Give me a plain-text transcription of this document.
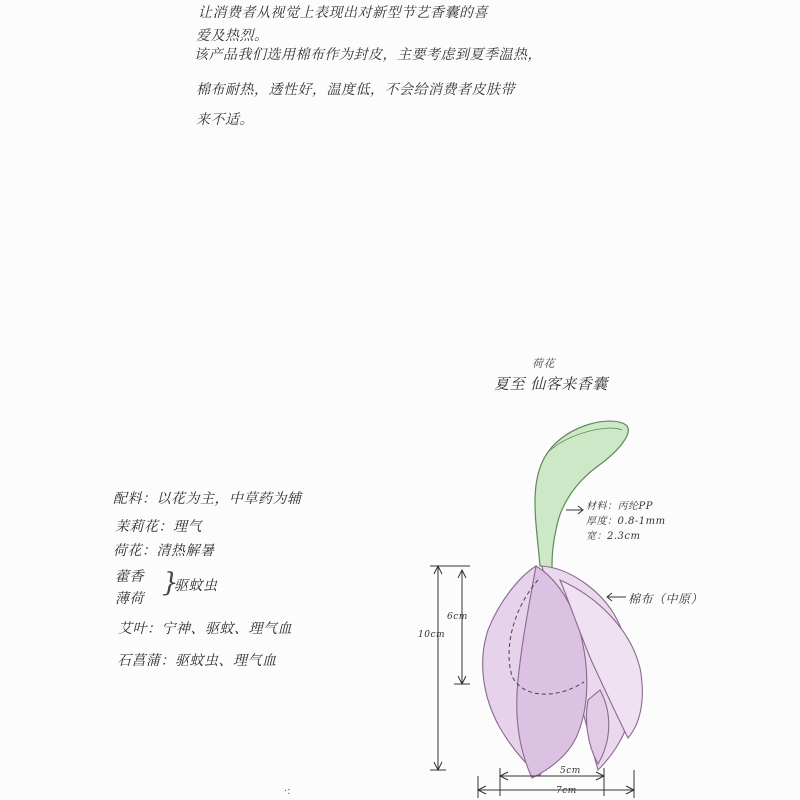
让消费者从视觉上表现出对新型节艺香囊的喜
爱及热烈。
该产品我们选用棉布作为封皮，主要考虑到夏季温热，
棉布耐热，透性好，温度低，不会给消费者皮肤带
来不适。
荷花
夏至 仙客来香囊
配料：以花为主，中草药为辅
茉莉花：理气
荷花：清热解暑
藿香
薄荷
}
驱蚊虫
艾叶：宁神、驱蚊、理气血
石菖蒲：驱蚊虫、理气血
·:
材料：丙纶PP
厚度：0.8-1mm
宽：2.3cm
棉布（中原）
10cm
6cm
5cm
7cm
